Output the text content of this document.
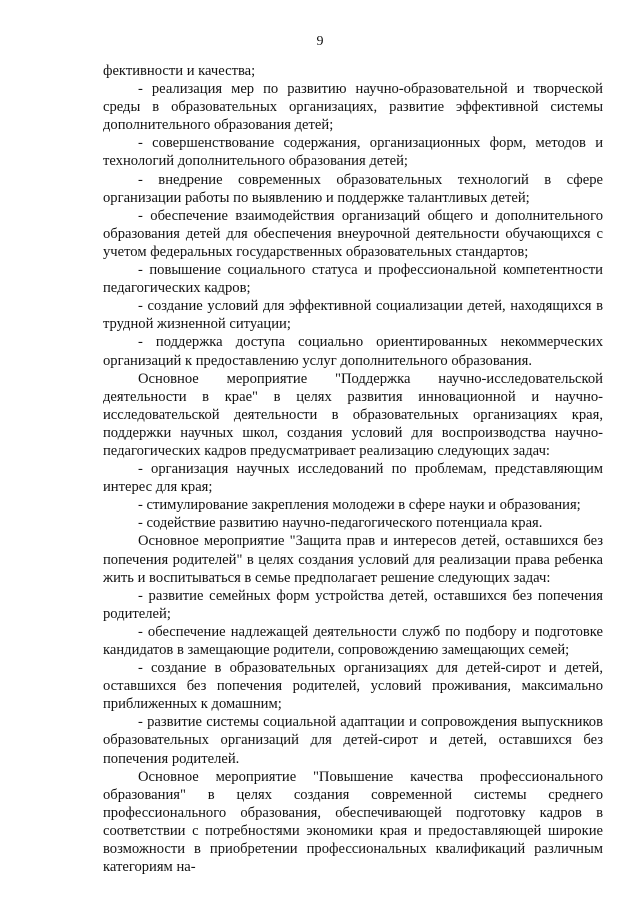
9

фективности и качества;

- реализация мер по развитию научно-образовательной и творческой среды в образовательных организациях, развитие эффективной системы дополнительного образования детей;

- совершенствование содержания, организационных форм, методов и технологий дополнительного образования детей;

- внедрение современных образовательных технологий в сфере организации работы по выявлению и поддержке талантливых детей;

- обеспечение взаимодействия организаций общего и дополнительного образования детей для обеспечения внеурочной деятельности обучающихся с учетом федеральных государственных образовательных стандартов;

- повышение социального статуса и профессиональной компетентности педагогических кадров;

- создание условий для эффективной социализации детей, находящихся в трудной жизненной ситуации;

- поддержка доступа социально ориентированных некоммерческих организаций к предоставлению услуг дополнительного образования.

Основное мероприятие "Поддержка научно-исследовательской деятельности в крае" в целях развития инновационной и научно-исследовательской деятельности в образовательных организациях края, поддержки научных школ, создания условий для воспроизводства научно-педагогических кадров предусматривает реализацию следующих задач:

- организация научных исследований по проблемам, представляющим интерес для края;

- стимулирование закрепления молодежи в сфере науки и образования;

- содействие развитию научно-педагогического потенциала края.

Основное мероприятие "Защита прав и интересов детей, оставшихся без попечения родителей" в целях создания условий для реализации права ребенка жить и воспитываться в семье предполагает решение следующих задач:

- развитие семейных форм устройства детей, оставшихся без попечения родителей;

- обеспечение надлежащей деятельности служб по подбору и подготовке кандидатов в замещающие родители, сопровождению замещающих семей;

- создание в образовательных организациях для детей-сирот и детей, оставшихся без попечения родителей, условий проживания, максимально приближенных к домашним;

- развитие системы социальной адаптации и сопровождения выпускников образовательных организаций для детей-сирот и детей, оставшихся без попечения родителей.

Основное мероприятие "Повышение качества профессионального образования" в целях создания современной системы среднего профессионального образования, обеспечивающей подготовку кадров в соответствии с потребностями экономики края и предоставляющей широкие возможности в приобретении профессиональных квалификаций различным категориям на-
